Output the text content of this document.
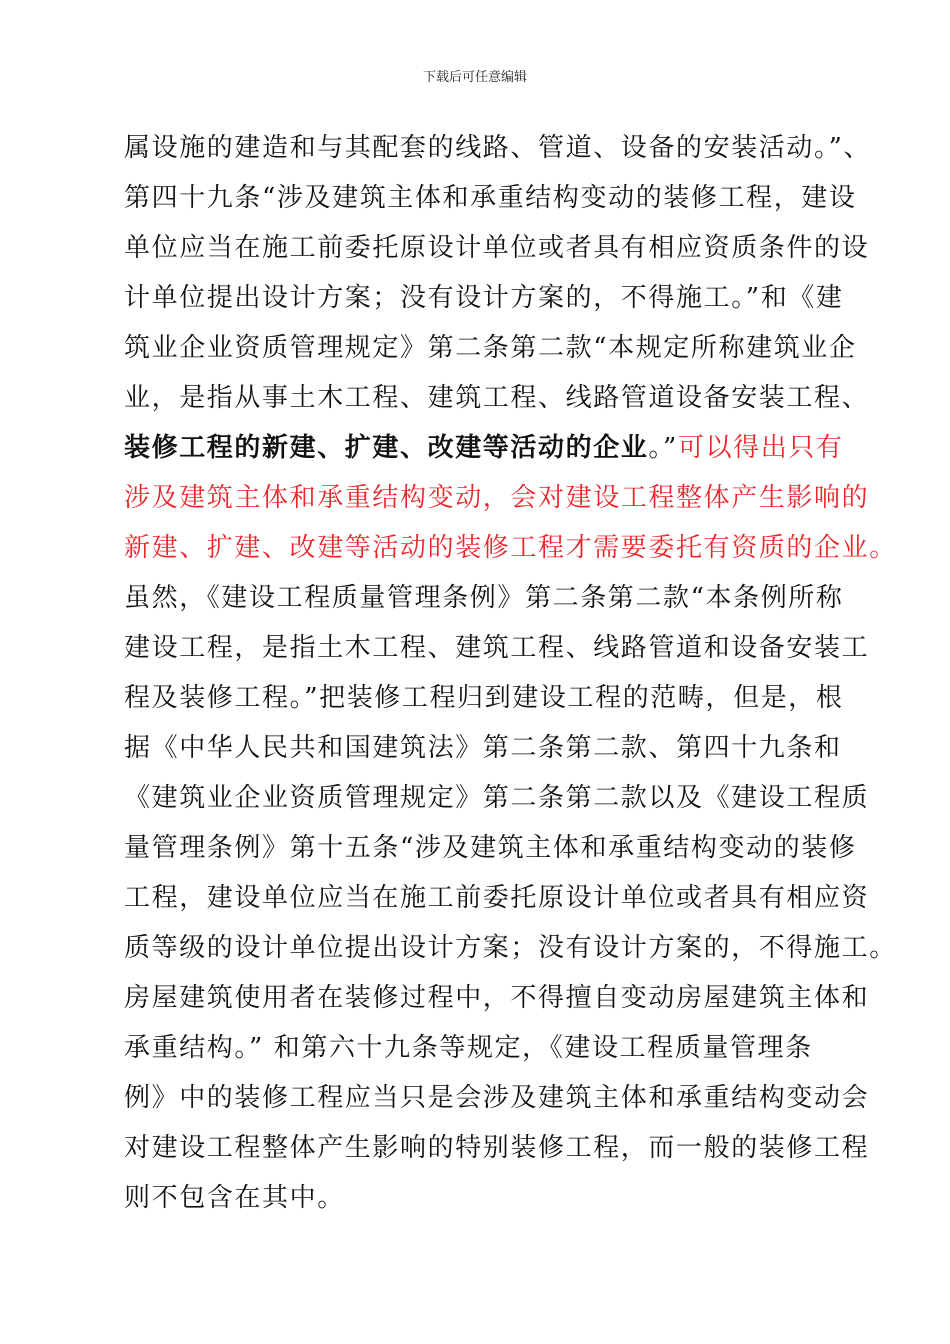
下载后可任意编辑
属设施的建造和与其配套的线路、管道、设备的安装活动。”、
第四十九条“涉及建筑主体和承重结构变动的装修工程，建设
单位应当在施工前委托原设计单位或者具有相应资质条件的设
计单位提出设计方案；没有设计方案的，不得施工。”和《建
筑业企业资质管理规定》第二条第二款“本规定所称建筑业企
业，是指从事土木工程、建筑工程、线路管道设备安装工程、
装修工程的新建、扩建、改建等活动的企业。”可以得出只有
涉及建筑主体和承重结构变动，会对建设工程整体产生影响的
新建、扩建、改建等活动的装修工程才需要委托有资质的企业。
虽然，《建设工程质量管理条例》第二条第二款“本条例所称
建设工程，是指土木工程、建筑工程、线路管道和设备安装工
程及装修工程。”把装修工程归到建设工程的范畴，但是，根
据《中华人民共和国建筑法》第二条第二款、第四十九条和
《建筑业企业资质管理规定》第二条第二款以及《建设工程质
量管理条例》第十五条“涉及建筑主体和承重结构变动的装修
工程，建设单位应当在施工前委托原设计单位或者具有相应资
质等级的设计单位提出设计方案；没有设计方案的，不得施工。
房屋建筑使用者在装修过程中，不得擅自变动房屋建筑主体和
承重结构。” 和第六十九条等规定，《建设工程质量管理条
例》中的装修工程应当只是会涉及建筑主体和承重结构变动会
对建设工程整体产生影响的特别装修工程，而一般的装修工程
则不包含在其中。
